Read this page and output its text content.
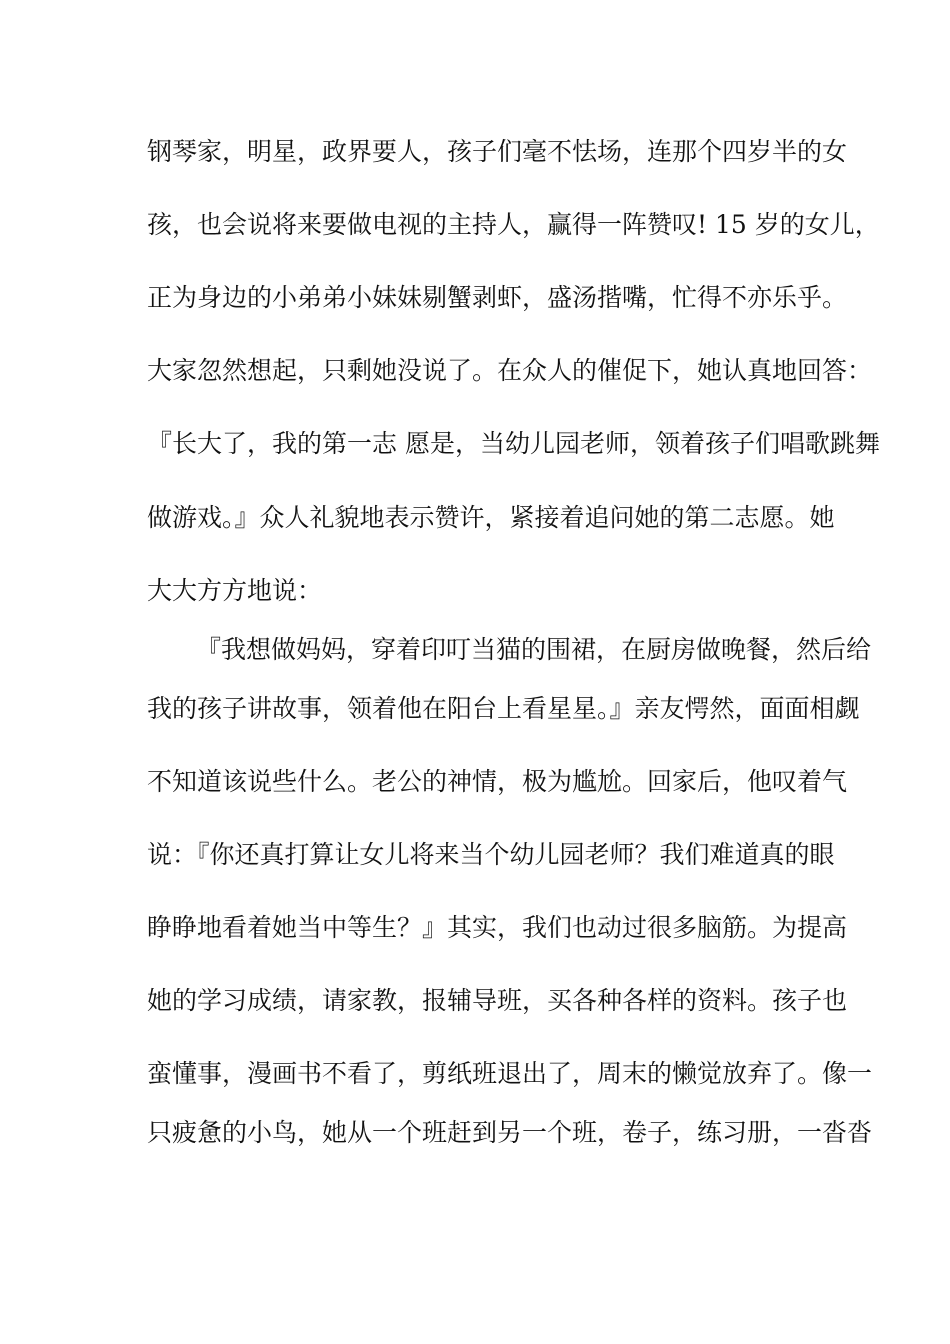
钢琴家，明星，政界要人，孩子们毫不怯场，连那个四岁半的女
孩，也会说将来要做电视的主持人，赢得一阵赞叹! 15 岁的女儿，
正为身边的小弟弟小妹妹剔蟹剥虾，盛汤揩嘴，忙得不亦乐乎。
大家忽然想起，只剩她没说了。在众人的催促下，她认真地回答：
『长大了，我的第一志 愿是，当幼儿园老师，领着孩子们唱歌跳舞
做游戏。』众人礼貌地表示赞许，紧接着追问她的第二志愿。她
大大方方地说：
『我想做妈妈，穿着印叮当猫的围裙，在厨房做晚餐，然后给
我的孩子讲故事，领着他在阳台上看星星。』亲友愕然，面面相觑
不知道该说些什么。老公的神情，极为尴尬。回家后，他叹着气
说：『你还真打算让女儿将来当个幼儿园老师？我们难道真的眼
睁睁地看着她当中等生？』其实，我们也动过很多脑筋。为提高
她的学习成绩，请家教，报辅导班，买各种各样的资料。孩子也
蛮懂事，漫画书不看了，剪纸班退出了，周末的懒觉放弃了。像一
只疲惫的小鸟，她从一个班赶到另一个班，卷子，练习册，一沓沓
